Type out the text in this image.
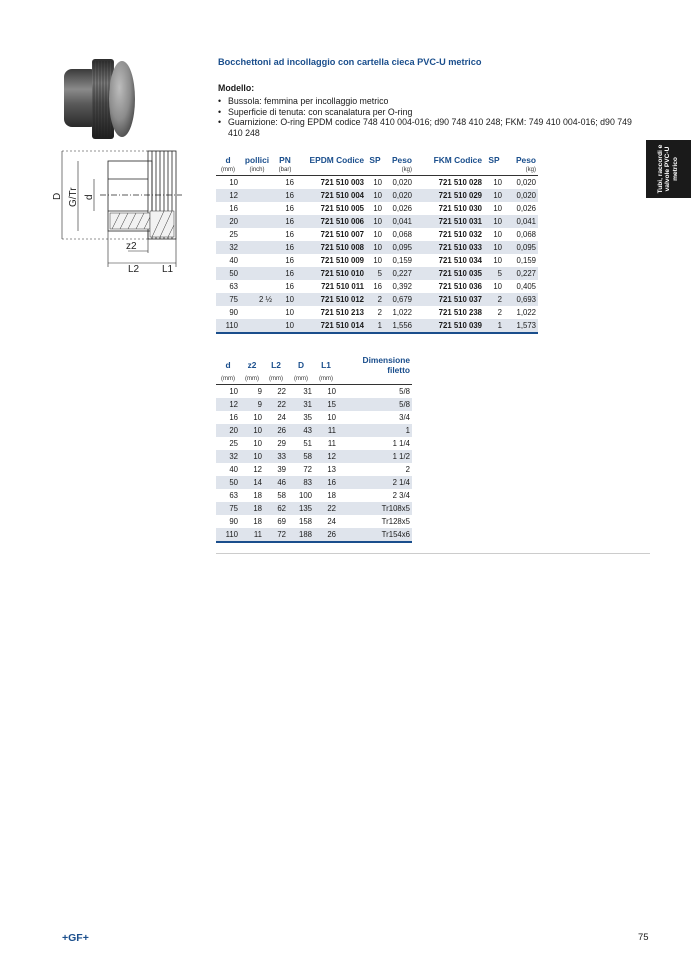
D G/Tr d
z2
L2 L1
Bocchettoni ad incollaggio con cartella cieca PVC-U metrico
Modello:
• Bussola: femmina per incollaggio metrico
• Superficie di tenuta: con scanalatura per O-ring
• Guarnizione: O-ring EPDM codice 748 410 004-016; d90 748 410 248; FKM: 749 410 004-016; d90 749 410 248
d	pollici	PN	EPDM Codice	SP	Peso	FKM Codice	SP	Peso
(mm)	(inch)	(bar)			(kg)			(kg)
10		16	721 510 003	10	0,020	721 510 028	10	0,020
12		16	721 510 004	10	0,020	721 510 029	10	0,020
16		16	721 510 005	10	0,026	721 510 030	10	0,026
20		16	721 510 006	10	0,041	721 510 031	10	0,041
25		16	721 510 007	10	0,068	721 510 032	10	0,068
32		16	721 510 008	10	0,095	721 510 033	10	0,095
40		16	721 510 009	10	0,159	721 510 034	10	0,159
50		16	721 510 010	5	0,227	721 510 035	5	0,227
63		16	721 510 011	16	0,392	721 510 036	10	0,405
75	2 ½	10	721 510 012	2	0,679	721 510 037	2	0,693
90		10	721 510 213	2	1,022	721 510 238	2	1,022
110		10	721 510 014	1	1,556	721 510 039	1	1,573
d	z2	L2	D	L1	Dimensione filetto
(mm)	(mm)	(mm)	(mm)	(mm)	
10	9	22	31	10	5/8
12	9	22	31	15	5/8
16	10	24	35	10	3/4
20	10	26	43	11	1
25	10	29	51	11	1 1/4
32	10	33	58	12	1 1/2
40	12	39	72	13	2
50	14	46	83	16	2 1/4
63	18	58	100	18	2 3/4
75	18	62	135	22	Tr108x5
90	18	69	158	24	Tr128x5
110	11	72	188	26	Tr154x6
Tubi, raccordi e valvole PVC-U metrico
+GF+	75
